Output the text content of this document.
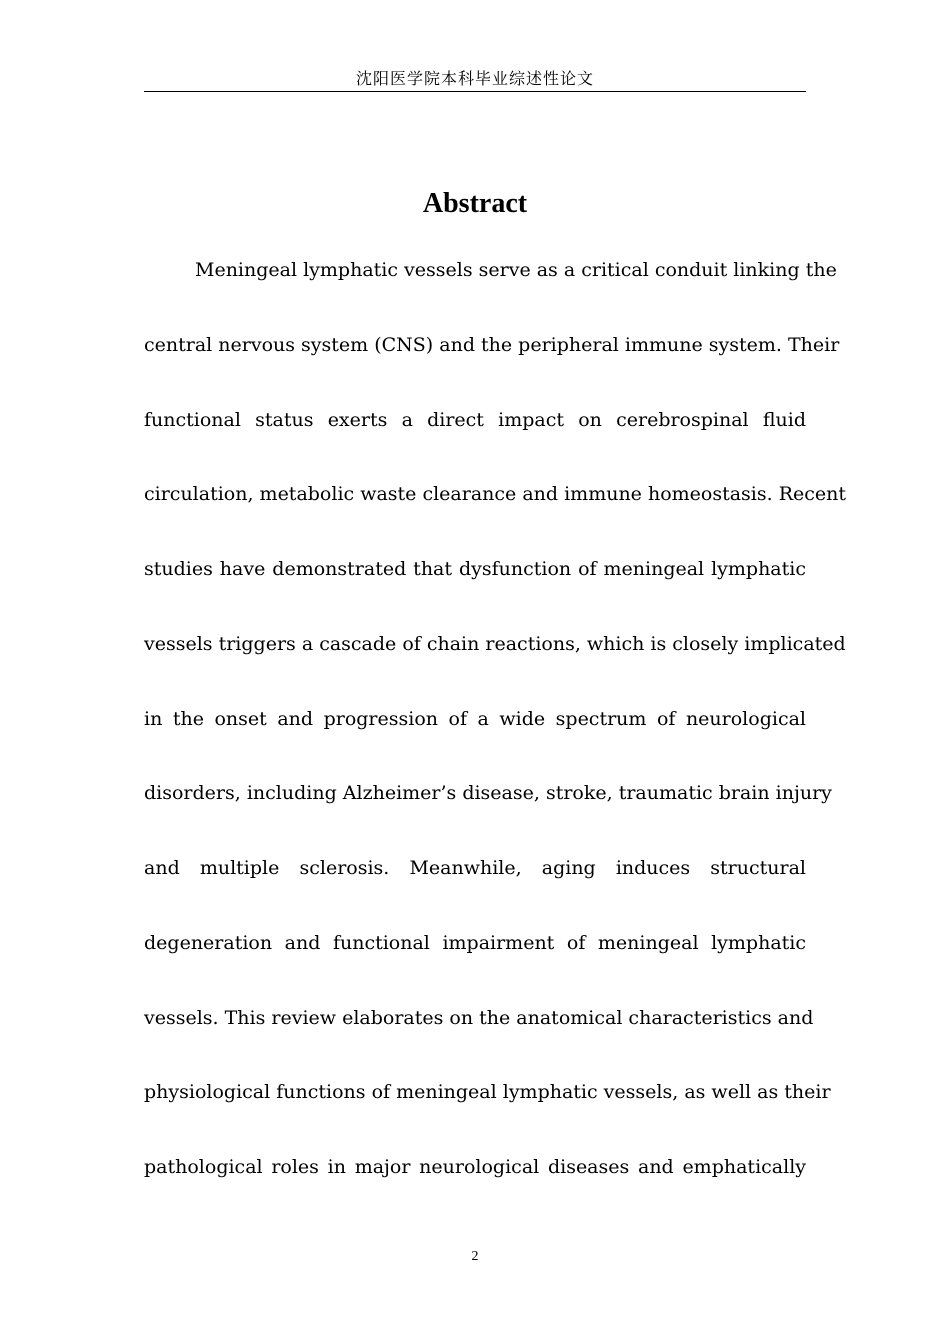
沈阳医学院本科毕业综述性论文
Abstract
Meningeal lymphatic vessels serve as a critical conduit linking the
central nervous system (CNS) and the peripheral immune system. Their
functional status exerts a direct impact on cerebrospinal fluid
circulation, metabolic waste clearance and immune homeostasis. Recent
studies have demonstrated that dysfunction of meningeal lymphatic
vessels triggers a cascade of chain reactions, which is closely implicated
in the onset and progression of a wide spectrum of neurological
disorders, including Alzheimer’s disease, stroke, traumatic brain injury
and multiple sclerosis. Meanwhile, aging induces structural
degeneration and functional impairment of meningeal lymphatic
vessels. This review elaborates on the anatomical characteristics and
physiological functions of meningeal lymphatic vessels, as well as their
pathological roles in major neurological diseases and emphatically
2
